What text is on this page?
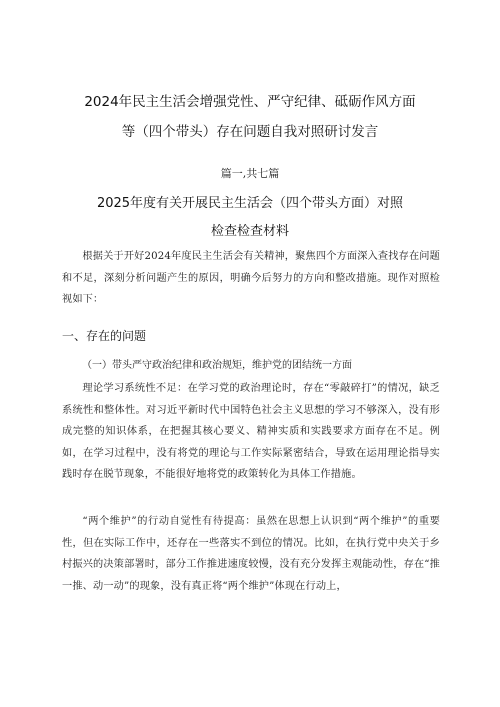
2024年民主生活会增强党性、严守纪律、砥砺作风方面
等（四个带头）存在问题自我对照研讨发言
篇一,共七篇
2025年度有关开展民主生活会（四个带头方面）对照
检查检查材料
根据关于开好2024年度民主生活会有关精神，聚焦四个方面深入查找存在问题和不足，深刻分析问题产生的原因，明确今后努力的方向和整改措施。现作对照检视如下：
一、存在的问题
（一）带头严守政治纪律和政治规矩，维护党的团结统一方面
理论学习系统性不足：在学习党的政治理论时，存在“零敲碎打”的情况，缺乏系统性和整体性。对习近平新时代中国特色社会主义思想的学习不够深入，没有形成完整的知识体系，在把握其核心要义、精神实质和实践要求方面存在不足。例如，在学习过程中，没有将党的理论与工作实际紧密结合，导致在运用理论指导实践时存在脱节现象，不能很好地将党的政策转化为具体工作措施。
“两个维护”的行动自觉性有待提高：虽然在思想上认识到“两个维护”的重要性，但在实际工作中，还存在一些落实不到位的情况。比如，在执行党中央关于乡村振兴的决策部署时，部分工作推进速度较慢，没有充分发挥主观能动性，存在“推一推、动一动”的现象，没有真正将“两个维护”体现在行动上，
